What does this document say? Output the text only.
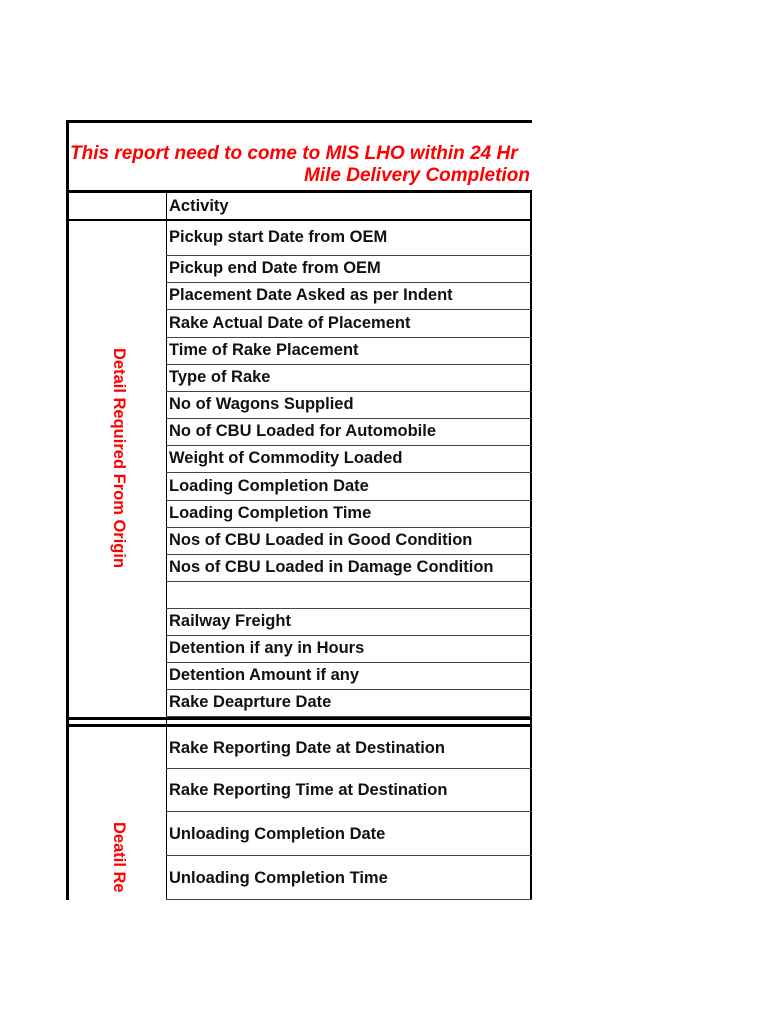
This report need to come to MIS LHO within 24 Hr
Mile Delivery Completion
Activity
Detail Required From Origin
Deatil Re
Pickup start Date from OEM
Pickup end Date from OEM
Placement Date Asked as per Indent
Rake Actual Date of Placement
Time of Rake Placement
Type of Rake
No of Wagons Supplied
No of CBU Loaded for Automobile
Weight of Commodity Loaded
Loading Completion Date
Loading Completion Time
Nos of CBU Loaded in Good Condition
Nos of CBU Loaded in Damage Condition
Railway Freight
Detention if any in Hours
Detention Amount if any
Rake Deaprture Date
Rake Reporting Date at Destination
Rake Reporting Time at Destination
Unloading Completion Date
Unloading Completion Time
